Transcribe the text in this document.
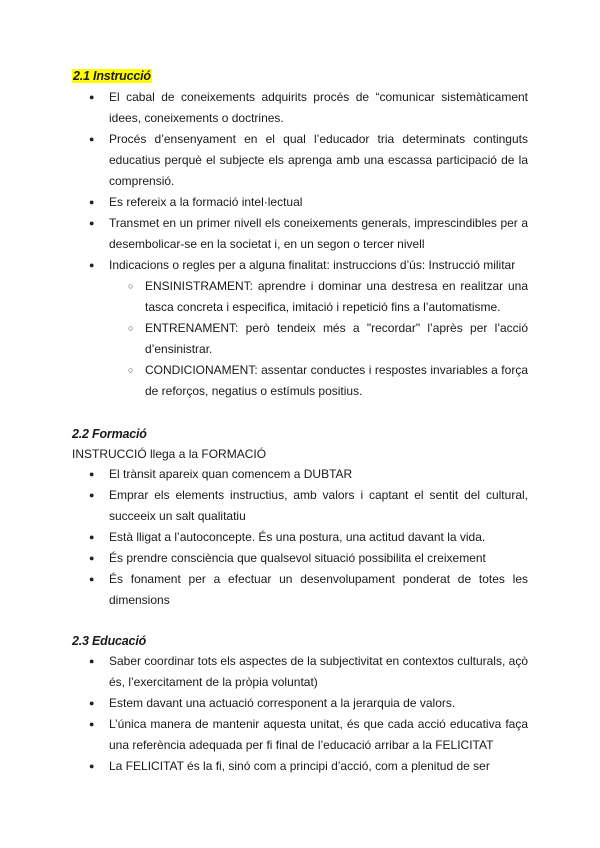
2.1 Instrucció
● El cabal de coneixements adquirits procés de “comunicar sistemàticament idees, coneixements o doctrines.
● Procés d’ensenyament en el qual l’educador tria determinats continguts educatius perquè el subjecte els aprenga amb una escassa participació de la comprensió.
● Es refereix a la formació intel·lectual
● Transmet en un primer nivell els coneixements generals, imprescindibles per a desembolicar-se en la societat i, en un segon o tercer nivell
● Indicacions o regles per a alguna finalitat: instruccions d’ús: Instrucció militar
○ ENSINISTRAMENT: aprendre i dominar una destresa en realitzar una tasca concreta i especifica, imitació i repetició fins a l’automatisme.
○ ENTRENAMENT: però tendeix més a "recordar" l’après per l’acció d’ensinistrar.
○ CONDICIONAMENT: assentar conductes i respostes invariables a força de reforços, negatius o estímuls positius.
2.2 Formació

INSTRUCCIÓ llega a la FORMACIÓ

● El trànsit apareix quan comencem a DUBTAR
● Emprar els elements instructius, amb valors i captant el sentit del cultural, succeeix un salt qualitatiu
● Està lligat a l’autoconcepte. És una postura, una actitud davant la vida.
● És prendre consciència que qualsevol situació possibilita el creixement
● És fonament per a efectuar un desenvolupament ponderat de totes les dimensions
2.3 Educació
● Saber coordinar tots els aspectes de la subjectivitat en contextos culturals, açò és, l’exercitament de la pròpia voluntat)
● Estem davant una actuació corresponent a la jerarquia de valors.
● L’única manera de mantenir aquesta unitat, és que cada acció educativa faça una referència adequada per fi final de l’educació arribar a la FELICITAT
● La FELICITAT és la fi, sinó com a principi d’acció, com a plenitud de ser
